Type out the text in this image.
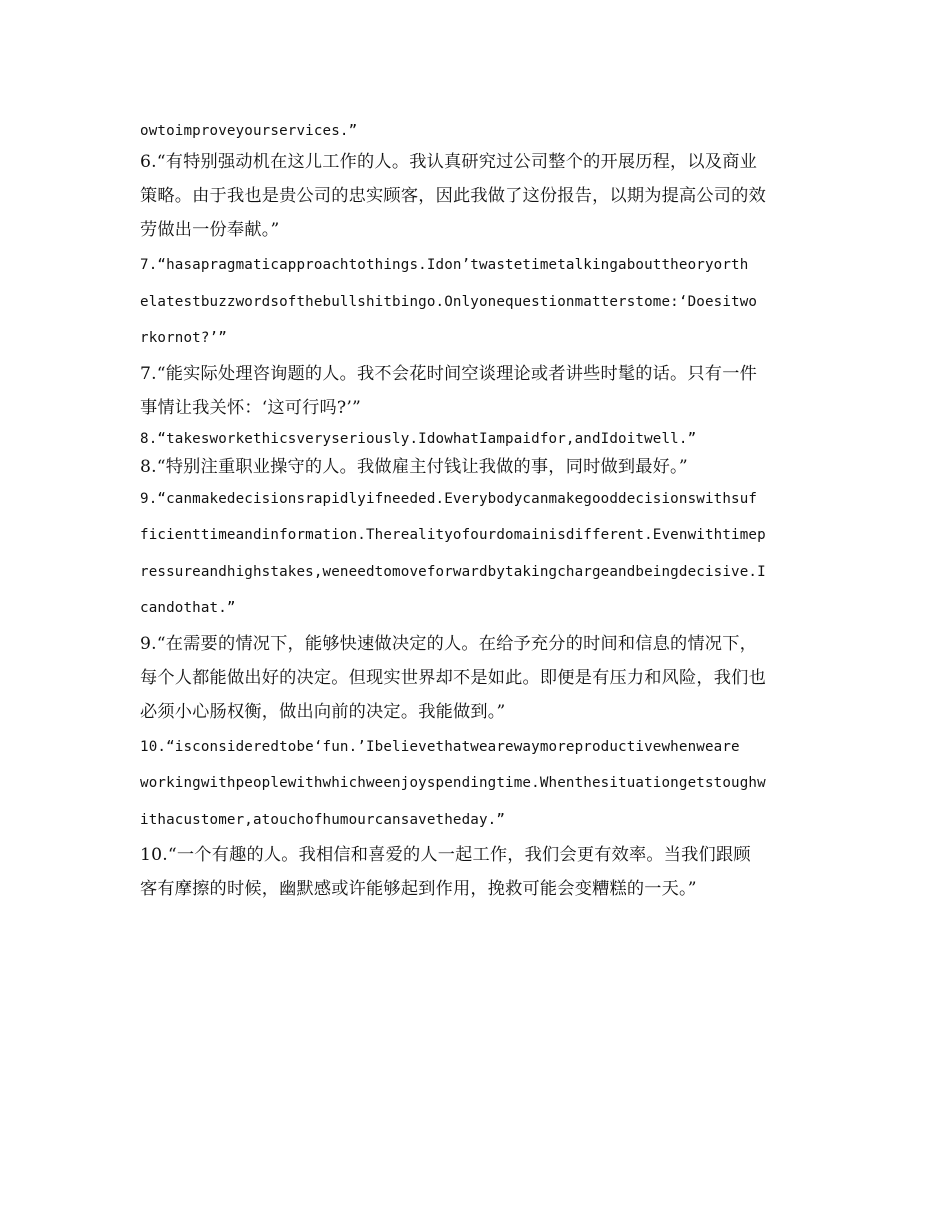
owtoimproveyourservices.”
6.“有特别强动机在这儿工作的人。我认真研究过公司整个的开展历程，以及商业
策略。由于我也是贵公司的忠实顾客，因此我做了这份报告，以期为提高公司的效
劳做出一份奉献。”
7.“hasapragmaticapproachtothings.Idon’twastetimetalkingabouttheoryorth
elatestbuzzwordsofthebullshitbingo.Onlyonequestionmatterstome:‘Doesitwo
rkornot?’”
7.“能实际处理咨询题的人。我不会花时间空谈理论或者讲些时髦的话。只有一件
事情让我关怀：‘这可行吗?’”
8.“takesworkethicsveryseriously.IdowhatIampaidfor,andIdoitwell.”
8.“特别注重职业操守的人。我做雇主付钱让我做的事，同时做到最好。”
9.“canmakedecisionsrapidlyifneeded.Everybodycanmakegooddecisionswithsuf
ficienttimeandinformation.Therealityofourdomainisdifferent.Evenwithtimep
ressureandhighstakes,weneedtomoveforwardbytakingchargeandbeingdecisive.I
candothat.”
9.“在需要的情况下，能够快速做决定的人。在给予充分的时间和信息的情况下，
每个人都能做出好的决定。但现实世界却不是如此。即便是有压力和风险，我们也
必须小心肠权衡，做出向前的决定。我能做到。”
10.“isconsideredtobe‘fun.’Ibelievethatwearewaymoreproductivewhenweare
workingwithpeoplewithwhichweenjoyspendingtime.Whenthesituationgetstoughw
ithacustomer,atouchofhumourcansavetheday.”
10.“一个有趣的人。我相信和喜爱的人一起工作，我们会更有效率。当我们跟顾
客有摩擦的时候，幽默感或许能够起到作用，挽救可能会变糟糕的一天。”
